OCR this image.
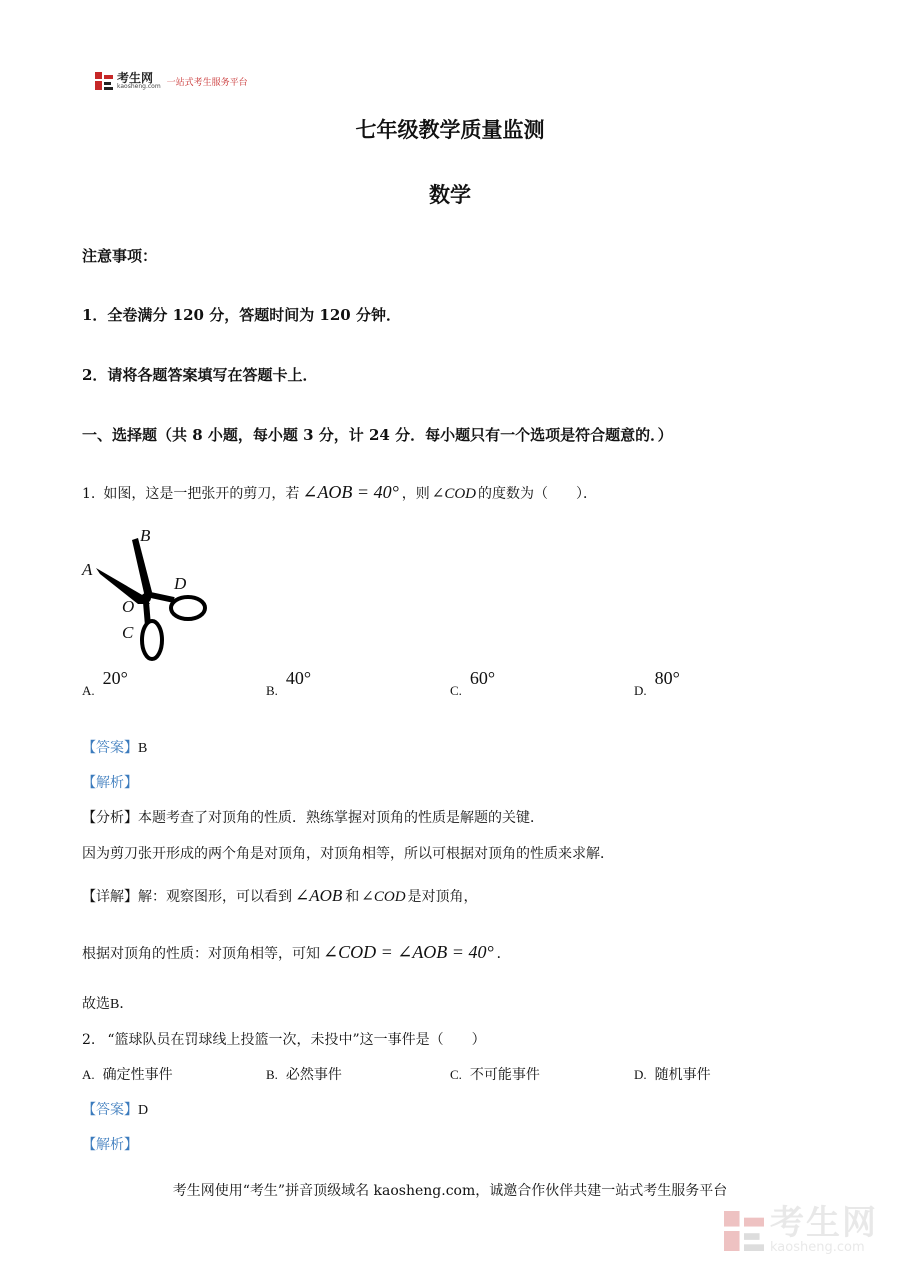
考生网
kaosheng.com 一站式考生服务平台
七年级教学质量监测
数学
注意事项：
1．全卷满分 120 分，答题时间为 120 分钟．
2．请将各题答案填写在答题卡上．
一、选择题（共 8 小题，每小题 3 分，计 24 分．每小题只有一个选项是符合题意的．）
1. 如图，这是一把张开的剪刀，若 ∠AOB = 40° ，则 ∠COD 的度数为（　　）．
A
B
D
O
C
A.
20°
B.
40°
C.
60°
D.
80°
【答案】B
【解析】
【分析】本题考查了对顶角的性质．熟练掌握对顶角的性质是解题的关键．
因为剪刀张开形成的两个角是对顶角，对顶角相等，所以可根据对顶角的性质来求解．
【详解】 解：观察图形，可以看到 ∠AOB 和 ∠COD 是对顶角，
根据对顶角的性质：对顶角相等，可知 ∠COD = ∠AOB = 40° ．
故选B．
2. “篮球队员在罚球线上投篮一次，未投中”这一事件是（　　）
A. 确定性事件	B. 必然事件	C. 不可能事件	D. 随机事件
【答案】D
【解析】
考生网使用“考生”拼音顶级域名 kaosheng.com，诚邀合作伙伴共建一站式考生服务平台
考生网
kaosheng.com
